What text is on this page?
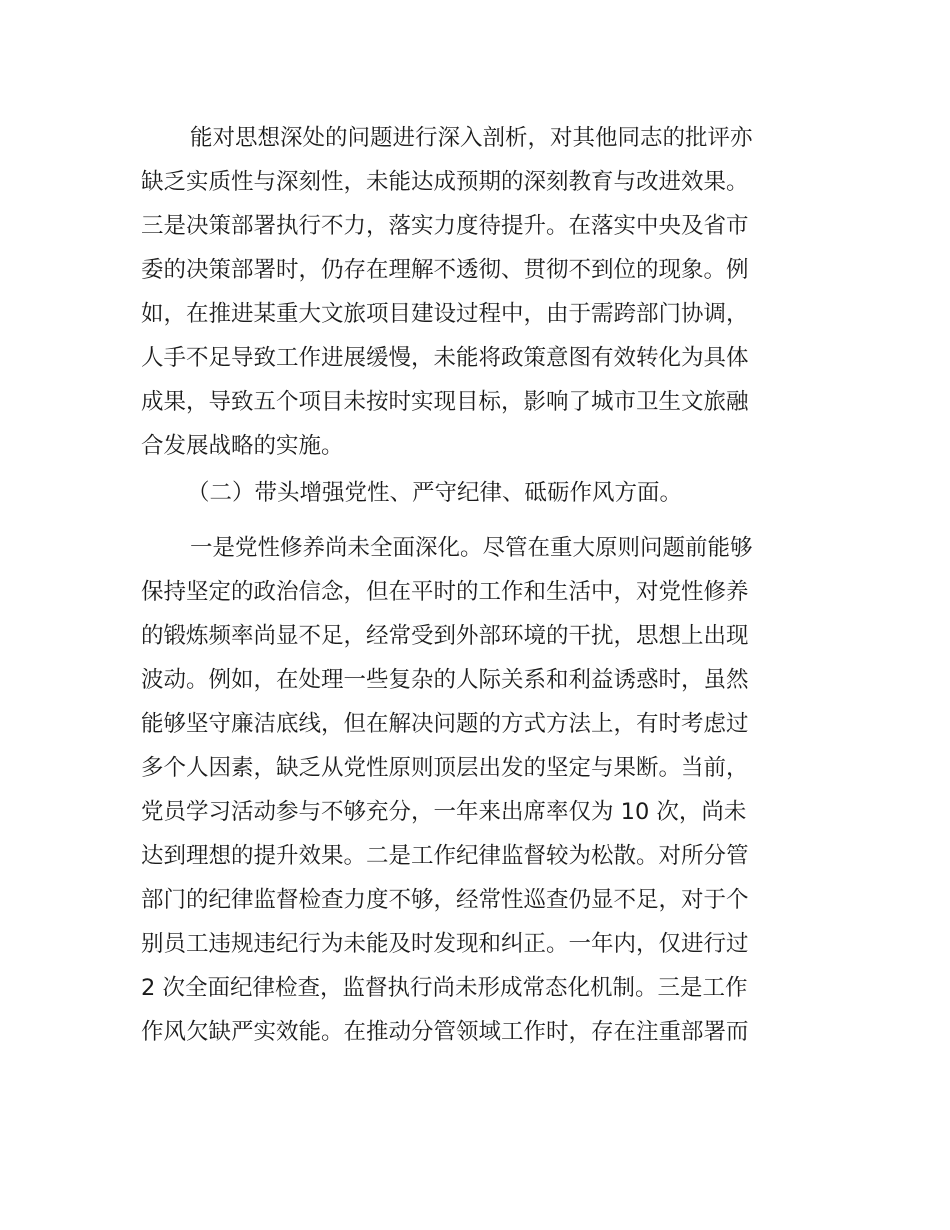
能对思想深处的问题进行深入剖析，对其他同志的批评亦

缺乏实质性与深刻性，未能达成预期的深刻教育与改进效果。

三是决策部署执行不力，落实力度待提升。在落实中央及省市

委的决策部署时，仍存在理解不透彻、贯彻不到位的现象。例

如，在推进某重大文旅项目建设过程中，由于需跨部门协调，

人手不足导致工作进展缓慢，未能将政策意图有效转化为具体

成果，导致五个项目未按时实现目标，影响了城市卫生文旅融

合发展战略的实施。

（二）带头增强党性、严守纪律、砥砺作风方面。

一是党性修养尚未全面深化。尽管在重大原则问题前能够

保持坚定的政治信念，但在平时的工作和生活中，对党性修养

的锻炼频率尚显不足，经常受到外部环境的干扰，思想上出现

波动。例如，在处理一些复杂的人际关系和利益诱惑时，虽然

能够坚守廉洁底线，但在解决问题的方式方法上，有时考虑过

多个人因素，缺乏从党性原则顶层出发的坚定与果断。当前，

党员学习活动参与不够充分，一年来出席率仅为 10 次，尚未

达到理想的提升效果。二是工作纪律监督较为松散。对所分管

部门的纪律监督检查力度不够，经常性巡查仍显不足，对于个

别员工违规违纪行为未能及时发现和纠正。一年内，仅进行过

2 次全面纪律检查，监督执行尚未形成常态化机制。三是工作

作风欠缺严实效能。在推动分管领域工作时，存在注重部署而
